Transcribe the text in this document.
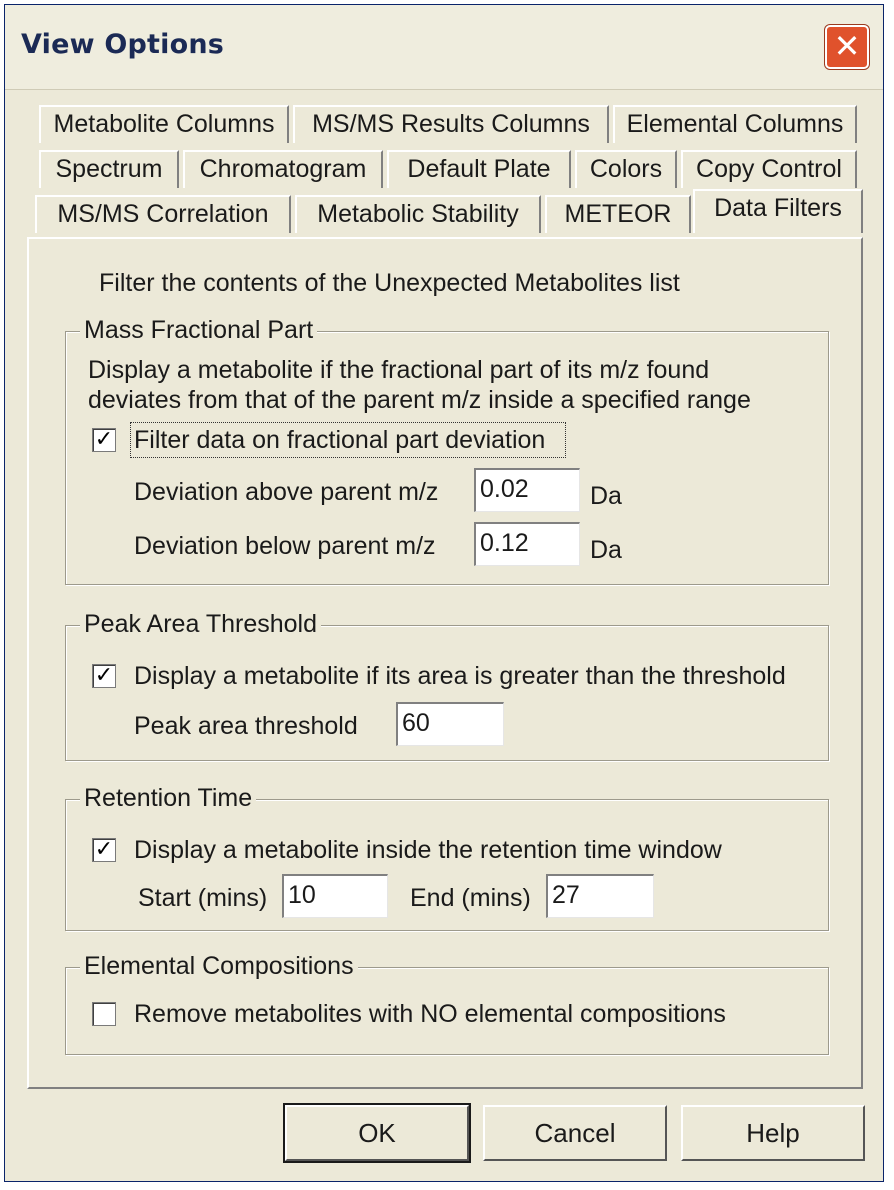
View Options	✕
Metabolite Columns	MS/MS Results Columns	Elemental Columns
Spectrum	Chromatogram	Default Plate	Colors	Copy Control
MS/MS Correlation	Metabolic Stability	METEOR	Data Filters
Filter the contents of the Unexpected Metabolites list
Mass Fractional Part
Display a metabolite if the fractional part of its m/z found
deviates from that of the parent m/z inside a specified range
✓ Filter data on fractional part deviation
Deviation above parent m/z 0.02	Da
Deviation below parent m/z 0.12	Da
Peak Area Threshold
✓ Display a metabolite if its area is greater than the threshold
Peak area threshold 60
Retention Time
✓ Display a metabolite inside the retention time window
Start (mins) 10	End (mins) 27
Elemental Compositions
Remove metabolites with NO elemental compositions
OK	Cancel	Help
